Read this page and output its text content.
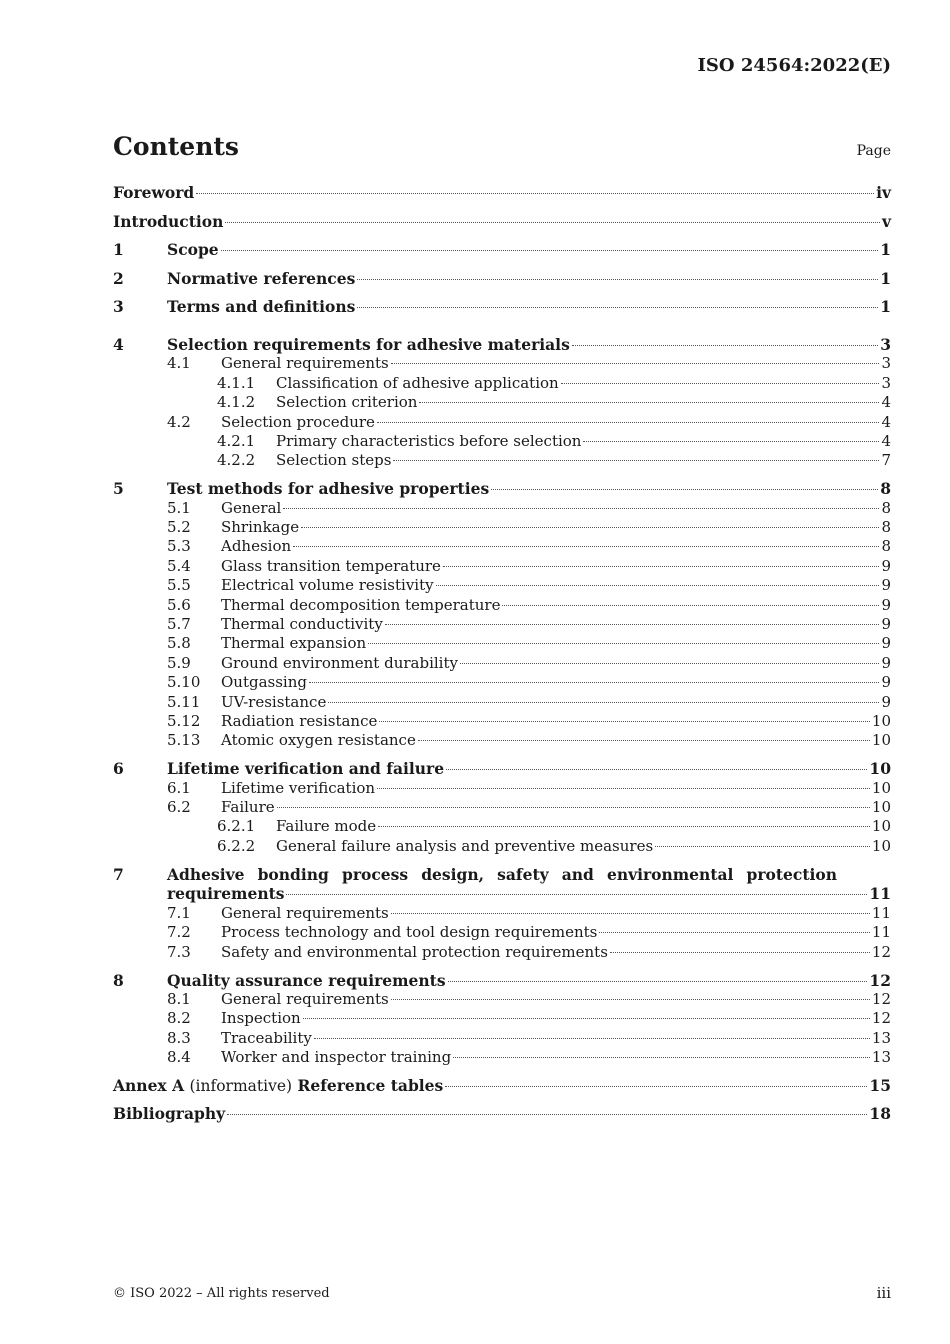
ISO 24564:2022(E)
Contents	Page
Foreword	iv
Introduction	v
1	Scope	1
2	Normative references	1
3	Terms and definitions	1
4	Selection requirements for adhesive materials	3
4.1	General requirements	3
4.1.1	Classification of adhesive application	3
4.1.2	Selection criterion	4
4.2	Selection procedure	4
4.2.1	Primary characteristics before selection	4
4.2.2	Selection steps	7
5	Test methods for adhesive properties	8
5.1	General	8
5.2	Shrinkage	8
5.3	Adhesion	8
5.4	Glass transition temperature	9
5.5	Electrical volume resistivity	9
5.6	Thermal decomposition temperature	9
5.7	Thermal conductivity	9
5.8	Thermal expansion	9
5.9	Ground environment durability	9
5.10	Outgassing	9
5.11	UV-resistance	9
5.12	Radiation resistance	10
5.13	Atomic oxygen resistance	10
6	Lifetime verification and failure	10
6.1	Lifetime verification	10
6.2	Failure	10
6.2.1	Failure mode	10
6.2.2	General failure analysis and preventive measures	10
7	Adhesive bonding process design, safety and environmental protection
requirements	11
7.1	General requirements	11
7.2	Process technology and tool design requirements	11
7.3	Safety and environmental protection requirements	12
8	Quality assurance requirements	12
8.1	General requirements	12
8.2	Inspection	12
8.3	Traceability	13
8.4	Worker and inspector training	13
Annex A (informative) Reference tables	15
Bibliography	18
© ISO 2022 – All rights reserved	iii
